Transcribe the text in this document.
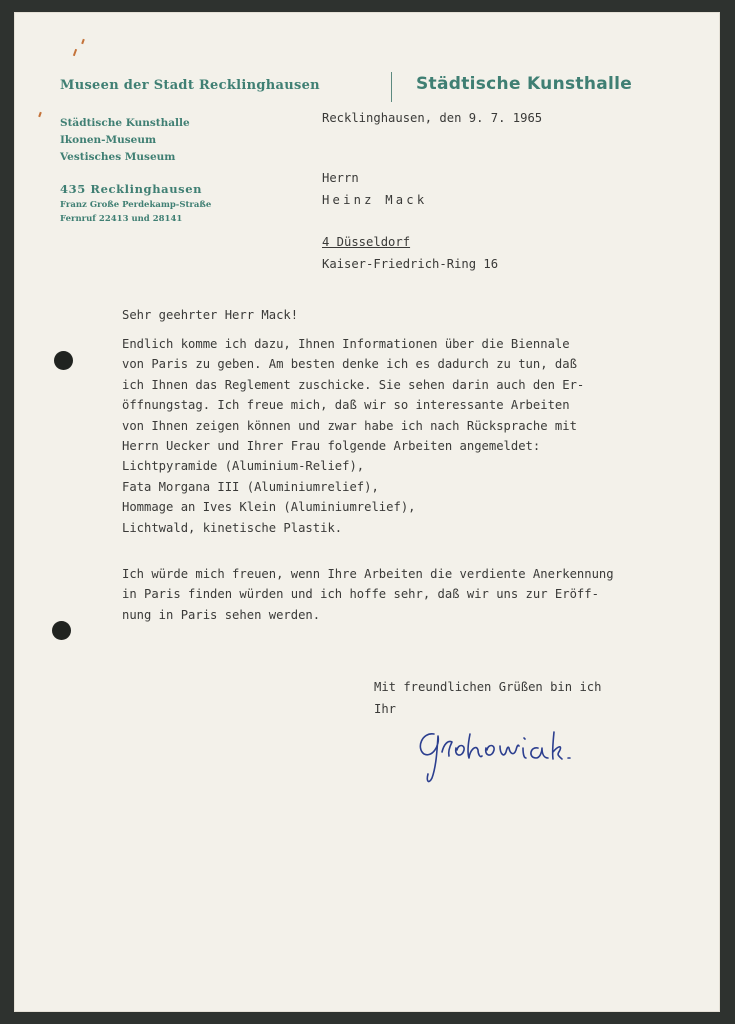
Museen der Stadt Recklinghausen	Städtische Kunsthalle
Städtische Kunsthalle
Ikonen-Museum
Vestisches Museum
435 Recklinghausen
Franz Große Perdekamp-Straße
Fernruf 22413 und 28141
Recklinghausen, den 9. 7. 1965
Herrn
Heinz Mack
4 Düsseldorf
Kaiser-Friedrich-Ring 16
Sehr geehrter Herr Mack!
Endlich komme ich dazu, Ihnen Informationen über die Biennale
von Paris zu geben. Am besten denke ich es dadurch zu tun, daß
ich Ihnen das Reglement zuschicke. Sie sehen darin auch den Er-
öffnungstag. Ich freue mich, daß wir so interessante Arbeiten
von Ihnen zeigen können und zwar habe ich nach Rücksprache mit
Herrn Uecker und Ihrer Frau folgende Arbeiten angemeldet:
Lichtpyramide (Aluminium-Relief),
Fata Morgana III (Aluminiumrelief),
Hommage an Ives Klein (Aluminiumrelief),
Lichtwald, kinetische Plastik.
Ich würde mich freuen, wenn Ihre Arbeiten die verdiente Anerkennung
in Paris finden würden und ich hoffe sehr, daß wir uns zur Eröff-
nung in Paris sehen werden.
Mit freundlichen Grüßen bin ich
Ihr
